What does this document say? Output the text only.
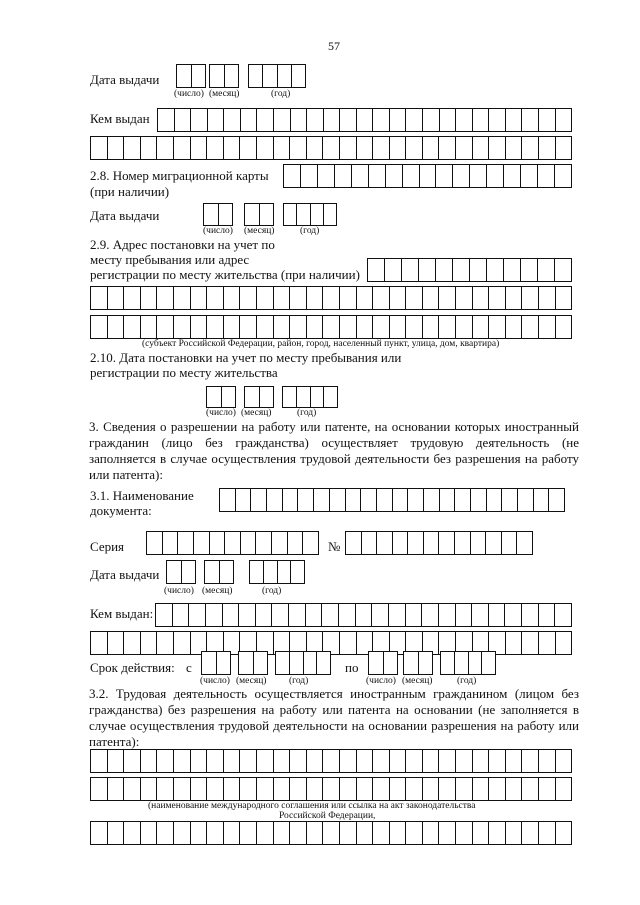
57
Дата выдачи
(число) (месяц)	(год)
Кем выдан
2.8. Номер миграционной карты
(при наличии)
Дата выдачи
(число) (месяц)	(год)
2.9. Адрес постановки на учет по
месту пребывания или адрес
регистрации по месту жительства (при наличии)
(субъект Российской Федерации, район, город, населенный пункт, улица, дом, квартира)
2.10. Дата постановки на учет по месту пребывания или
регистрации по месту жительства
(число) (месяц)	(год)
3. Сведения о разрешении на работу или патенте, на основании которых иностранный гражданин (лицо без гражданства) осуществляет трудовую деятельность (не заполняется в случае осуществления трудовой деятельности без разрешения на работу или патента):
3.1. Наименование
документа:
Серия	№
Дата выдачи
(число) (месяц)	(год)
Кем выдан:
Срок действия: с
(число) (месяц) (год)
по
(число) (месяц)	(год)
3.2. Трудовая деятельность осуществляется иностранным гражданином (лицом без гражданства) без разрешения на работу или патента на основании (не заполняется в случае осуществления трудовой деятельности на основании разрешения на работу или патента):
(наименование международного соглашения или ссылка на акт законодательства
Российской Федерации,
